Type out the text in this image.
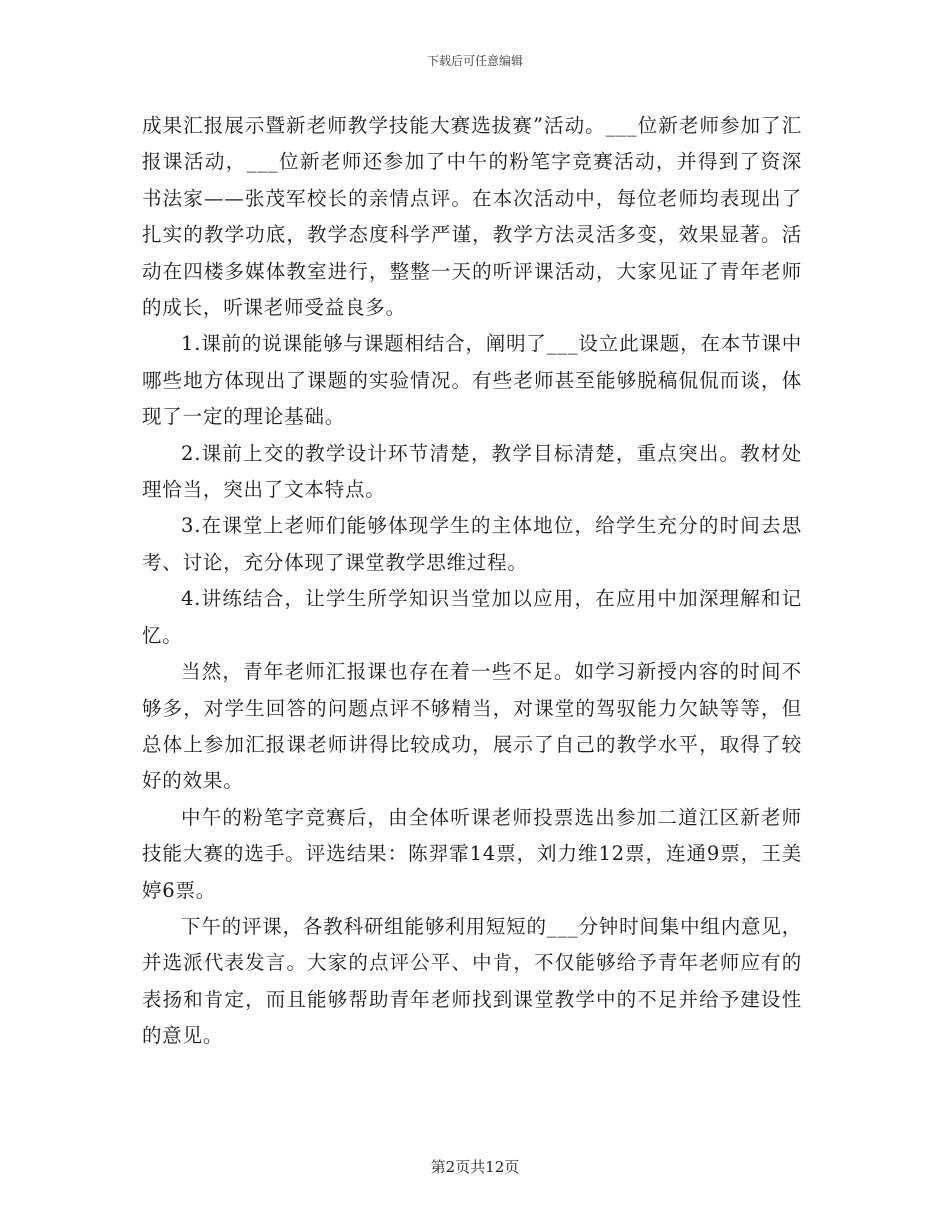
下载后可任意编辑

成果汇报展示暨新老师教学技能大赛选拔赛”活动。___位新老师参加了汇报课活动，___位新老师还参加了中午的粉笔字竞赛活动，并得到了资深书法家——张茂军校长的亲情点评。在本次活动中，每位老师均表现出了扎实的教学功底，教学态度科学严谨，教学方法灵活多变，效果显著。活动在四楼多媒体教室进行，整整一天的听评课活动，大家见证了青年老师的成长，听课老师受益良多。

1.课前的说课能够与课题相结合，阐明了___设立此课题，在本节课中哪些地方体现出了课题的实验情况。有些老师甚至能够脱稿侃侃而谈，体现了一定的理论基础。

2.课前上交的教学设计环节清楚，教学目标清楚，重点突出。教材处理恰当，突出了文本特点。

3.在课堂上老师们能够体现学生的主体地位，给学生充分的时间去思考、讨论，充分体现了课堂教学思维过程。

4.讲练结合，让学生所学知识当堂加以应用，在应用中加深理解和记忆。

当然，青年老师汇报课也存在着一些不足。如学习新授内容的时间不够多，对学生回答的问题点评不够精当，对课堂的驾驭能力欠缺等等，但总体上参加汇报课老师讲得比较成功，展示了自己的教学水平，取得了较好的效果。

中午的粉笔字竞赛后，由全体听课老师投票选出参加二道江区新老师技能大赛的选手。评选结果：陈羿霏14票，刘力维12票，连通9票，王美婷6票。

下午的评课，各教科研组能够利用短短的___分钟时间集中组内意见，并选派代表发言。大家的点评公平、中肯，不仅能够给予青年老师应有的表扬和肯定，而且能够帮助青年老师找到课堂教学中的不足并给予建设性的意见。

第2页共12页
